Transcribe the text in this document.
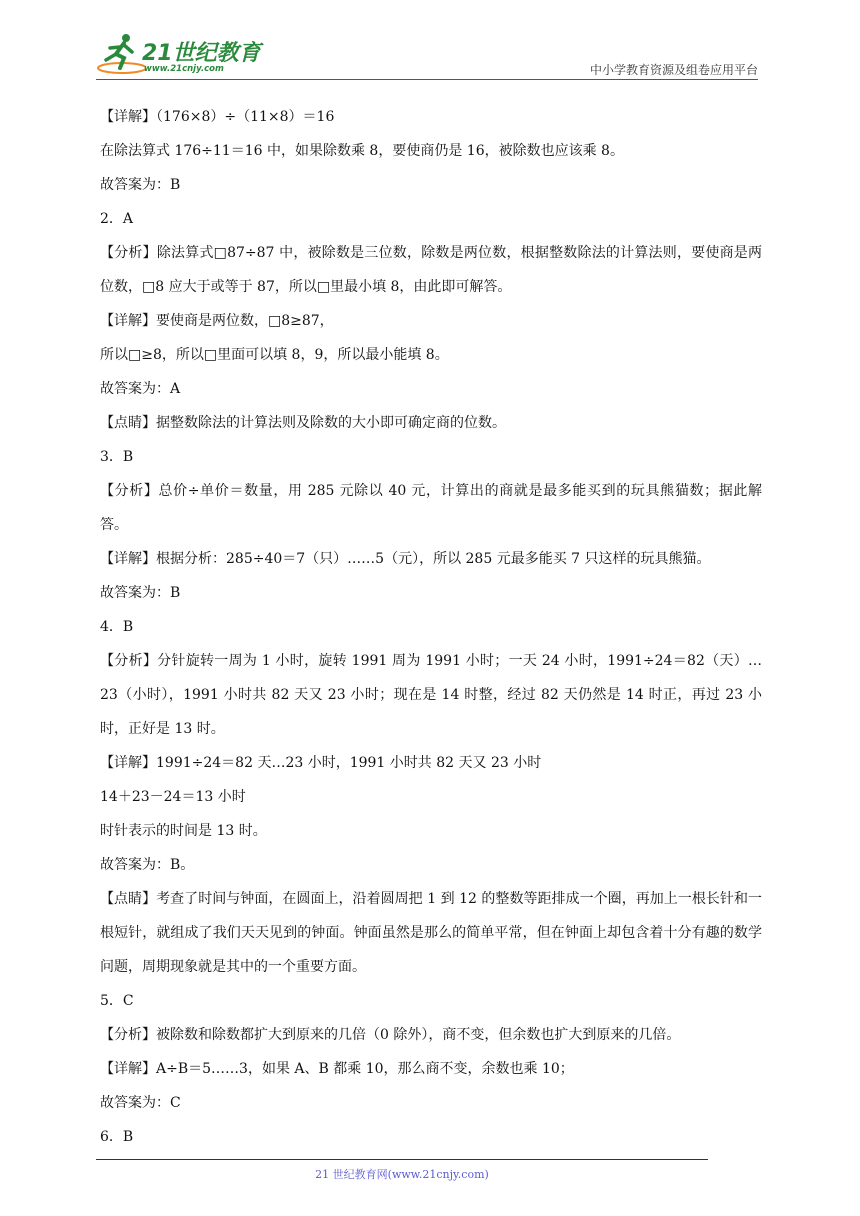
21世纪教育
www.21cnjy.com	中小学教育资源及组卷应用平台
【详解】（176×8）÷（11×8）＝16
在除法算式 176÷11＝16 中，如果除数乘 8，要使商仍是 16，被除数也应该乘 8。
故答案为：B
2．A
【分析】除法算式□87÷87 中，被除数是三位数，除数是两位数，根据整数除法的计算法则，要使商是两位数，□8 应大于或等于 87，所以□里最小填 8，由此即可解答。
【详解】要使商是两位数，□8≥87，
所以□≥8，所以□里面可以填 8，9，所以最小能填 8。
故答案为：A
【点睛】据整数除法的计算法则及除数的大小即可确定商的位数。
3．B
【分析】总价÷单价＝数量，用 285 元除以 40 元，计算出的商就是最多能买到的玩具熊猫数；据此解答。
【详解】根据分析：285÷40＝7（只）……5（元），所以 285 元最多能买 7 只这样的玩具熊猫。
故答案为：B
4．B
【分析】分针旋转一周为 1 小时，旋转 1991 周为 1991 小时；一天 24 小时，1991÷24＝82（天）…23（小时），1991 小时共 82 天又 23 小时；现在是 14 时整，经过 82 天仍然是 14 时正，再过 23 小时，正好是 13 时。
【详解】1991÷24＝82 天…23 小时，1991 小时共 82 天又 23 小时
14＋23－24＝13 小时
时针表示的时间是 13 时。
故答案为：B。
【点睛】考查了时间与钟面，在圆面上，沿着圆周把 1 到 12 的整数等距排成一个圈，再加上一根长针和一根短针，就组成了我们天天见到的钟面。钟面虽然是那么的简单平常，但在钟面上却包含着十分有趣的数学问题，周期现象就是其中的一个重要方面。
5．C
【分析】被除数和除数都扩大到原来的几倍（0 除外），商不变，但余数也扩大到原来的几倍。
【详解】A÷B＝5……3，如果 A、B 都乘 10，那么商不变，余数也乘 10；
故答案为：C
6．B
21 世纪教育网(www.21cnjy.com)
